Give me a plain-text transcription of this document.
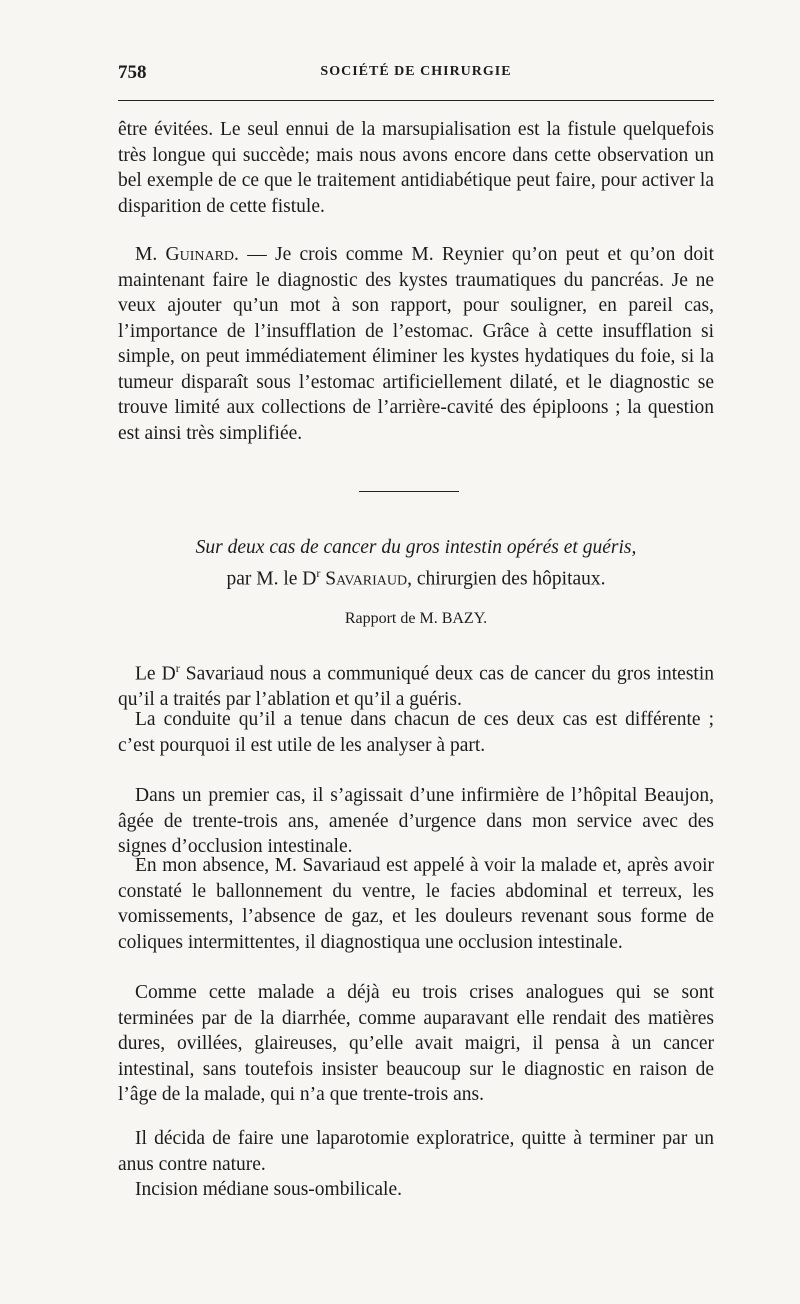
758	SOCIÉTÉ DE CHIRURGIE

être évitées. Le seul ennui de la marsupialisation est la fistule quelquefois très longue qui succède; mais nous avons encore dans cette observation un bel exemple de ce que le traitement antidiabétique peut faire, pour activer la disparition de cette fistule.

M. Guinard. — Je crois comme M. Reynier qu’on peut et qu’on doit maintenant faire le diagnostic des kystes traumatiques du pancréas. Je ne veux ajouter qu’un mot à son rapport, pour souligner, en pareil cas, l’importance de l’insufflation de l’estomac. Grâce à cette insufflation si simple, on peut immédiatement éliminer les kystes hydatiques du foie, si la tumeur disparaît sous l’estomac artificiellement dilaté, et le diagnostic se trouve limité aux collections de l’arrière-cavité des épiploons ; la question est ainsi très simplifiée.

Sur deux cas de cancer du gros intestin opérés et guéris,
par M. le $D^r$ Savariaud, chirurgien des hôpitaux.
Rapport de M. BAZY.

Le $D^r$ Savariaud nous a communiqué deux cas de cancer du gros intestin qu’il a traités par l’ablation et qu’il a guéris.

La conduite qu’il a tenue dans chacun de ces deux cas est différente ; c’est pourquoi il est utile de les analyser à part.

Dans un premier cas, il s’agissait d’une infirmière de l’hôpital Beaujon, âgée de trente-trois ans, amenée d’urgence dans mon service avec des signes d’occlusion intestinale.

En mon absence, M. Savariaud est appelé à voir la malade et, après avoir constaté le ballonnement du ventre, le facies abdominal et terreux, les vomissements, l’absence de gaz, et les douleurs revenant sous forme de coliques intermittentes, il diagnostiqua une occlusion intestinale.

Comme cette malade a déjà eu trois crises analogues qui se sont terminées par de la diarrhée, comme auparavant elle rendait des matières dures, ovillées, glaireuses, qu’elle avait maigri, il pensa à un cancer intestinal, sans toutefois insister beaucoup sur le diagnostic en raison de l’âge de la malade, qui n’a que trente-trois ans.

Il décida de faire une laparotomie exploratrice, quitte à terminer par un anus contre nature.

Incision médiane sous-ombilicale.
